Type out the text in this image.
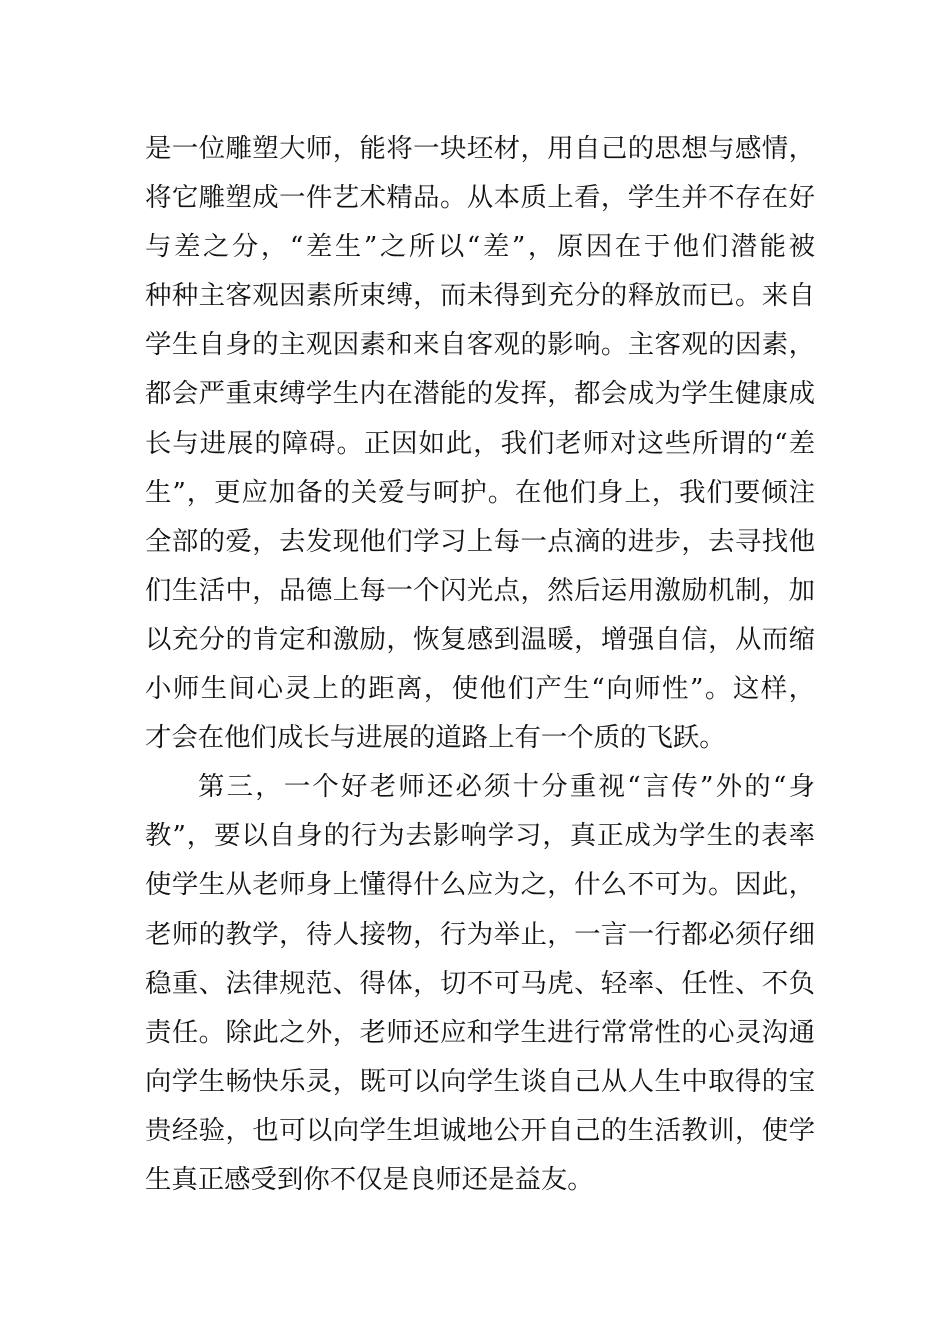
是一位雕塑大师，能将一块坯材，用自己的思想与感情，
将它雕塑成一件艺术精品。从本质上看，学生并不存在好
与差之分，“差生”之所以“差”，原因在于他们潜能被
种种主客观因素所束缚，而未得到充分的释放而已。来自
学生自身的主观因素和来自客观的影响。主客观的因素，
都会严重束缚学生内在潜能的发挥，都会成为学生健康成
长与进展的障碍。正因如此，我们老师对这些所谓的“差
生”，更应加备的关爱与呵护。在他们身上，我们要倾注
全部的爱，去发现他们学习上每一点滴的进步，去寻找他
们生活中，品德上每一个闪光点，然后运用激励机制，加
以充分的肯定和激励，恢复感到温暖，增强自信，从而缩
小师生间心灵上的距离，使他们产生“向师性”。这样，
才会在他们成长与进展的道路上有一个质的飞跃。
第三，一个好老师还必须十分重视“言传”外的“身
教”，要以自身的行为去影响学习，真正成为学生的表率
使学生从老师身上懂得什么应为之，什么不可为。因此，
老师的教学，待人接物，行为举止，一言一行都必须仔细
稳重、法律规范、得体，切不可马虎、轻率、任性、不负
责任。除此之外，老师还应和学生进行常常性的心灵沟通
向学生畅快乐灵，既可以向学生谈自己从人生中取得的宝
贵经验，也可以向学生坦诚地公开自己的生活教训，使学
生真正感受到你不仅是良师还是益友。
